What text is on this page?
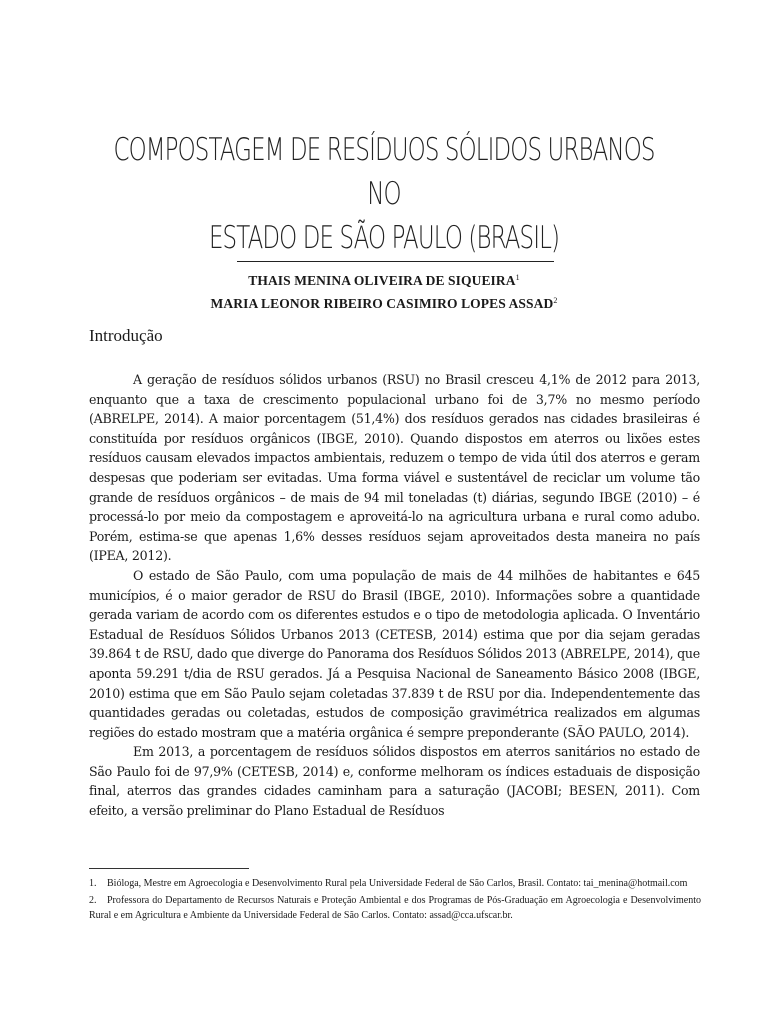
COMPOSTAGEM DE RESÍDUOS SÓLIDOS URBANOS NO
ESTADO DE SÃO PAULO (BRASIL)
THAIS MENINA OLIVEIRA DE SIQUEIRA$^1$
MARIA LEONOR RIBEIRO CASIMIRO LOPES ASSAD$^2$
Introdução

A geração de resíduos sólidos urbanos (RSU) no Brasil cresceu 4,1% de 2012 para 2013, enquanto que a taxa de crescimento populacional urbano foi de 3,7% no mesmo período (ABRELPE, 2014). A maior porcentagem (51,4%) dos resíduos gerados nas cidades brasileiras é constituída por resíduos orgânicos (IBGE, 2010). Quando dispostos em aterros ou lixões estes resíduos causam elevados impactos ambientais, reduzem o tempo de vida útil dos aterros e geram despesas que poderiam ser evitadas. Uma forma viável e sustentável de reciclar um volume tão grande de resíduos orgânicos – de mais de 94 mil toneladas (t) diárias, segundo IBGE (2010) – é processá-lo por meio da compostagem e aproveitá-lo na agricultura urbana e rural como adubo. Porém, estima-se que apenas 1,6% desses resíduos sejam aproveitados desta maneira no país (IPEA, 2012).

O estado de São Paulo, com uma população de mais de 44 milhões de habitantes e 645 municípios, é o maior gerador de RSU do Brasil (IBGE, 2010). Informações sobre a quantidade gerada variam de acordo com os diferentes estudos e o tipo de metodologia aplicada. O Inventário Estadual de Resíduos Sólidos Urbanos 2013 (CETESB, 2014) estima que por dia sejam geradas 39.864 t de RSU, dado que diverge do Panorama dos Resíduos Sólidos 2013 (ABRELPE, 2014), que aponta 59.291 t/dia de RSU gerados. Já a Pesquisa Nacional de Saneamento Básico 2008 (IBGE, 2010) estima que em São Paulo sejam coletadas 37.839 t de RSU por dia. Independentemente das quantidades geradas ou coletadas, estudos de composição gravimétrica realizados em algumas regiões do estado mostram que a matéria orgânica é sempre preponderante (SÃO PAULO, 2014).

Em 2013, a porcentagem de resíduos sólidos dispostos em aterros sanitários no estado de São Paulo foi de 97,9% (CETESB, 2014) e, conforme melhoram os índices estaduais de disposição final, aterros das grandes cidades caminham para a saturação (JACOBI; BESEN, 2011). Com efeito, a versão preliminar do Plano Estadual de Resíduos

1. Bióloga, Mestre em Agroecologia e Desenvolvimento Rural pela Universidade Federal de São Carlos, Brasil. Contato: tai_menina@hotmail.com

2. Professora do Departamento de Recursos Naturais e Proteção Ambiental e dos Programas de Pós-Graduação em Agroecologia e Desenvolvimento Rural e em Agricultura e Ambiente da Universidade Federal de São Carlos. Contato: assad@cca.ufscar.br.
